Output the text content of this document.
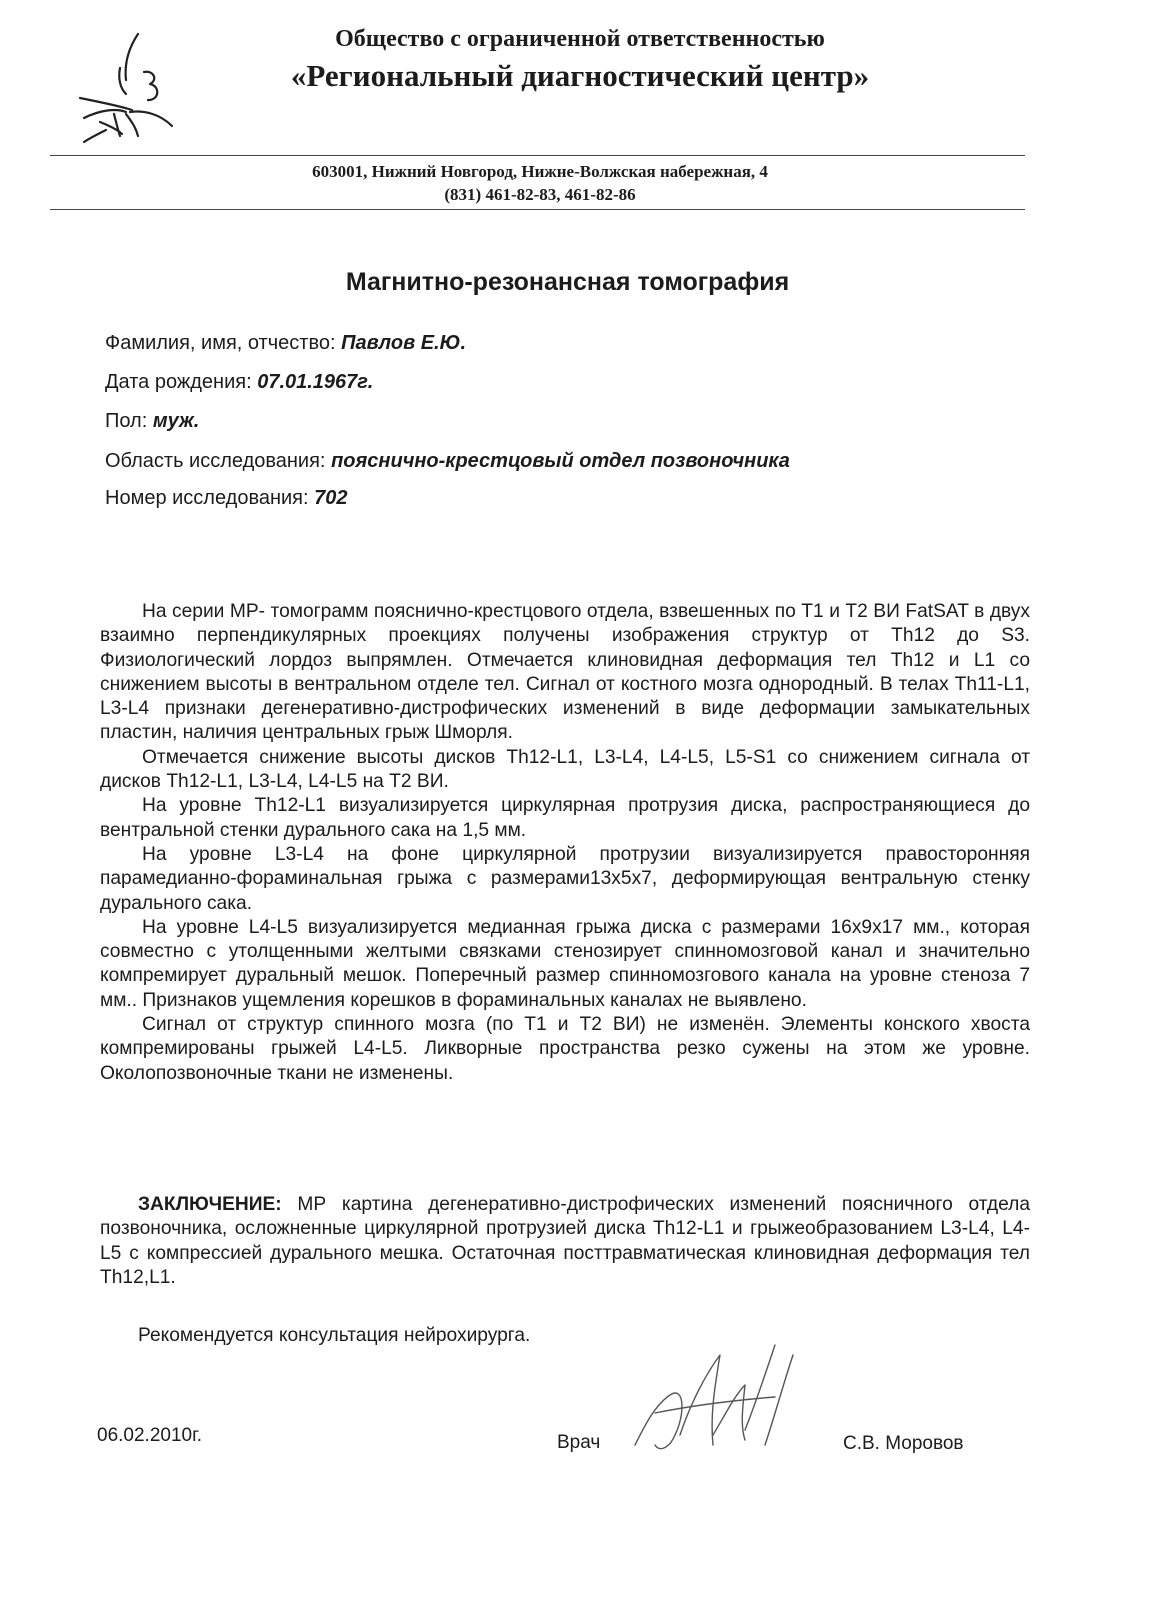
Общество с ограниченной ответственностью
«Региональный диагностический центр»
603001, Нижний Новгород, Нижне-Волжская набережная, 4
(831) 461-82-83, 461-82-86
Магнитно-резонансная томография
Фамилия, имя, отчество: Павлов Е.Ю.
Дата рождения: 07.01.1967г.
Пол: муж.
Область исследования: пояснично-крестцовый отдел позвоночника
Номер исследования: 702

На серии МР- томограмм пояснично-крестцового отдела, взвешенных по Т1 и Т2 ВИ FatSAT в двух взаимно перпендикулярных проекциях получены изображения структур от Th12 до S3. Физиологический лордоз выпрямлен. Отмечается клиновидная деформация тел Th12 и L1 со снижением высоты в вентральном отделе тел. Сигнал от костного мозга однородный. В телах Th11-L1, L3-L4 признаки дегенеративно-дистрофических изменений в виде деформации замыкательных пластин, наличия центральных грыж Шморля.

Отмечается снижение высоты дисков Th12-L1, L3-L4, L4-L5, L5-S1 со снижением сигнала от дисков Th12-L1, L3-L4, L4-L5 на Т2 ВИ.

На уровне Th12-L1 визуализируется циркулярная протрузия диска, распространяющиеся до вентральной стенки дурального сака на 1,5 мм.

На уровне L3-L4 на фоне циркулярной протрузии визуализируется правосторонняя парамедианно-фораминальная грыжа с размерами13х5х7, деформирующая вентральную стенку дурального сака.

На уровне L4-L5 визуализируется медианная грыжа диска с размерами 16х9х17 мм., которая совместно с утолщенными желтыми связками стенозирует спинномозговой канал и значительно компремирует дуральный мешок. Поперечный размер спинномозгового канала на уровне стеноза 7 мм.. Признаков ущемления корешков в фораминальных каналах не выявлено.

Сигнал от структур спинного мозга (по Т1 и Т2 ВИ) не изменён. Элементы конского хвоста компремированы грыжей L4-L5. Ликворные пространства резко сужены на этом же уровне. Околопозвоночные ткани не изменены.

ЗАКЛЮЧЕНИЕ: МР картина дегенеративно-дистрофических изменений поясничного отдела позвоночника, осложненные циркулярной протрузией диска Th12-L1 и грыжеобразованием L3-L4, L4-L5 с компрессией дурального мешка. Остаточная посттравматическая клиновидная деформация тел Th12,L1.

Рекомендуется консультация нейрохирурга.
06.02.2010г.	Врач	С.В. Моровов
